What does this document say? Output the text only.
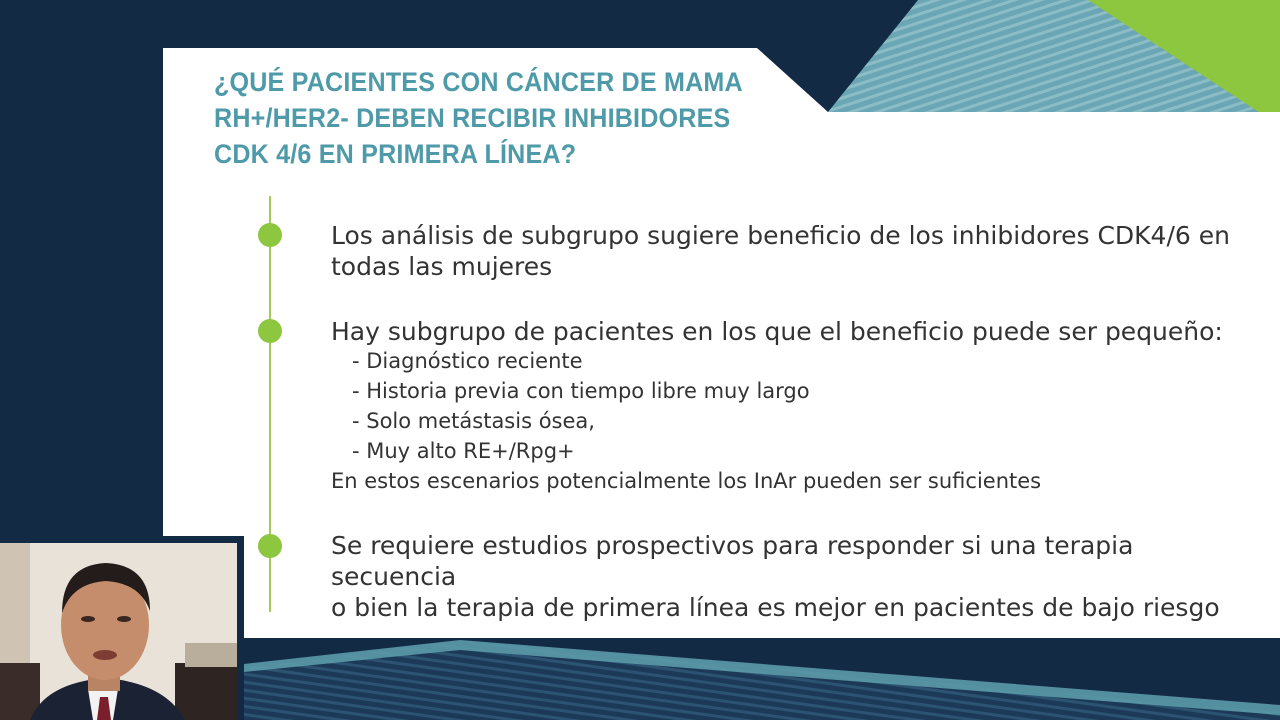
¿QUÉ PACIENTES CON CÁNCER DE MAMA
RH+/HER2- DEBEN RECIBIR INHIBIDORES
CDK 4/6 EN PRIMERA LÍNEA?
Los análisis de subgrupo sugiere beneficio de los inhibidores CDK4/6 en
todas las mujeres
Hay subgrupo de pacientes en los que el beneficio puede ser pequeño:
- Diagnóstico reciente
- Historia previa con tiempo libre muy largo
- Solo metástasis ósea,
- Muy alto RE+/Rpg+
En estos escenarios potencialmente los InAr pueden ser suficientes
Se requiere estudios prospectivos para responder si una terapia secuencia
o bien la terapia de primera línea es mejor en pacientes de bajo riesgo
